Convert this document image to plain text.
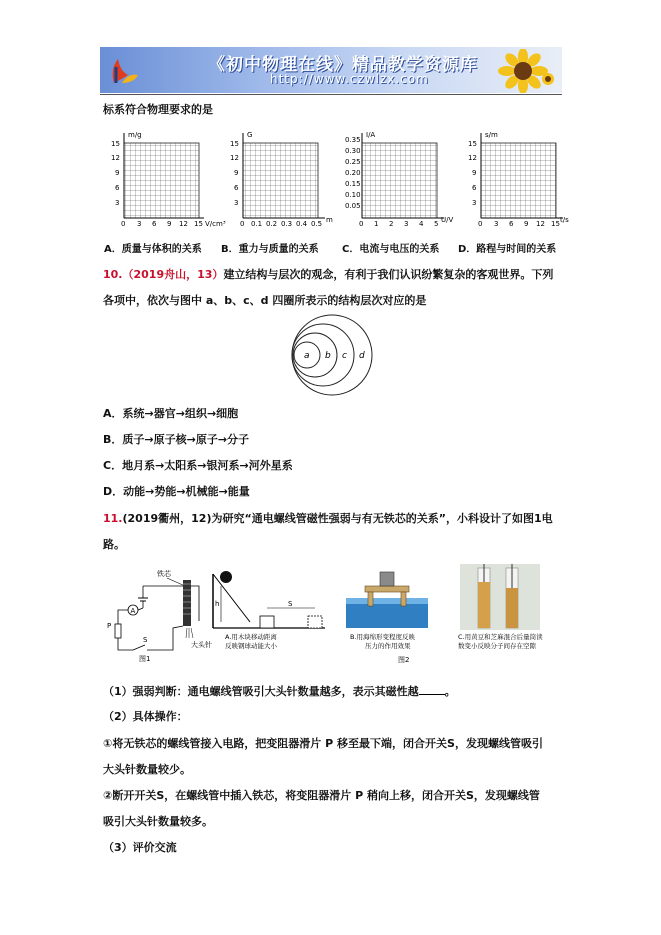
《初中物理在线》精品教学资源库
http://www.czwlzx.com
标系符合物理要求的是
m/g
3
6
9
12
15
0 3 6 9 12 15 V/cm³
G
3
6
9
12
15
0 0.1 0.2 0.3 0.4 0.5 m
I/A
0.05
0.10
0.15
0.20
0.25
0.30
0.35
0 1 2 3 4 5 U/V
s/m
3
6
9
12
15
0 3 6 9 12 15 t/s
A．质量与体积的关系 B．重力与质量的关系 C．电流与电压的关系 D．路程与时间的关系
10.（2019舟山，13）建立结构与层次的观念，有利于我们认识纷繁复杂的客观世界。下列
各项中，依次与图中 a、b、c、d 四圈所表示的结构层次对应的是
a b c d
A．系统→器官→组织→细胞
B．质子→原子核→原子→分子
C．地月系→太阳系→银河系→河外星系
D．动能→势能→机械能→能量
11.(2019衢州，12)为研究“通电螺线管磁性强弱与有无铁芯的关系”，小科设计了如图1电
路。
铁芯
A
P
S
大头针
图1
h	S
A.用木块移动距离
反映钢球动能大小
B.用海绵形变程度反映
压力的作用效果
C.用黄豆和芝麻混合后量筒读
数变小反映分子间存在空隙
图2
（1）强弱判断：通电螺线管吸引大头针数量越多，表示其磁性越 。
（2）具体操作：
①将无铁芯的螺线管接入电路，把变阻器滑片 P 移至最下端，闭合开关S，发现螺线管吸引
大头针数量较少。
②断开开关S，在螺线管中插入铁芯，将变阻器滑片 P 稍向上移，闭合开关S，发现螺线管
吸引大头针数量较多。
（3）评价交流
